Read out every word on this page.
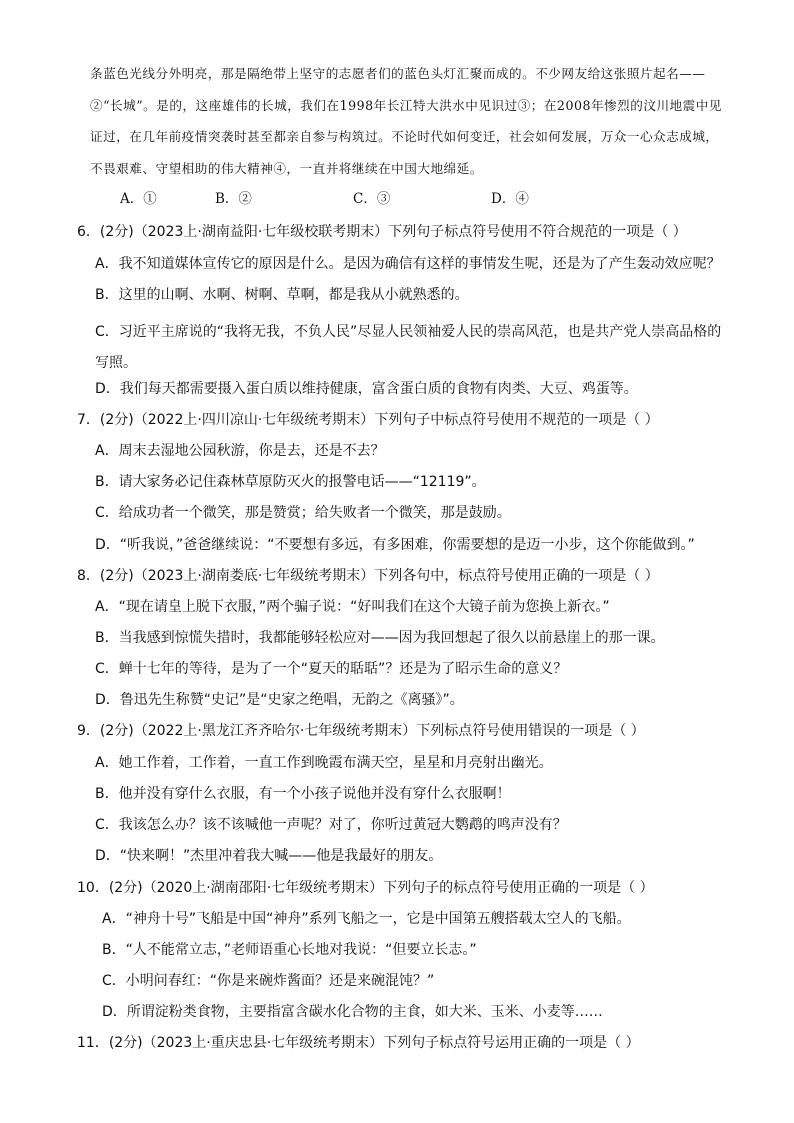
条蓝色光线分外明亮，那是隔绝带上坚守的志愿者们的蓝色头灯汇聚而成的。不少网友给这张照片起名——②“长城”。是的，这座雄伟的长城，我们在1998年长江特大洪水中见识过③；在2008年惨烈的汶川地震中见证过，在几年前疫情突袭时甚至都亲自参与构筑过。不论时代如何变迁，社会如何发展，万众一心众志成城，不畏艰难、守望相助的伟大精神④，一直并将继续在中国大地绵延。

A．①	B．②	C．③	D．④
6．(2分)（2023上·湖南益阳·七年级校联考期末）下列句子标点符号使用不符合规范的一项是（ ）
A．我不知道媒体宣传它的原因是什么。是因为确信有这样的事情发生呢，还是为了产生轰动效应呢？
B．这里的山啊、水啊、树啊、草啊，都是我从小就熟悉的。
C．习近平主席说的“我将无我，不负人民”尽显人民领袖爱人民的崇高风范，也是共产党人崇高品格的写照。
D．我们每天都需要摄入蛋白质以维持健康，富含蛋白质的食物有肉类、大豆、鸡蛋等。
7．(2分)（2022上·四川凉山·七年级统考期末）下列句子中标点符号使用不规范的一项是（ ）
A．周末去湿地公园秋游，你是去，还是不去？
B．请大家务必记住森林草原防灭火的报警电话——“12119”。
C．给成功者一个微笑，那是赞赏；给失败者一个微笑，那是鼓励。
D．“听我说，”爸爸继续说：“不要想有多远，有多困难，你需要想的是迈一小步，这个你能做到。”
8．(2分)（2023上·湖南娄底·七年级统考期末）下列各句中，标点符号使用正确的一项是（ ）
A．“现在请皇上脱下衣服，”两个骗子说：“好叫我们在这个大镜子前为您换上新衣。”
B．当我感到惊慌失措时，我都能够轻松应对——因为我回想起了很久以前悬崖上的那一课。
C．蝉十七年的等待，是为了一个“夏天的聒聒”？还是为了昭示生命的意义？
D．鲁迅先生称赞“史记”是“史家之绝唱，无韵之《离骚》”。
9．(2分)（2022上·黑龙江齐齐哈尔·七年级统考期末）下列标点符号使用错误的一项是（ ）
A．她工作着，工作着，一直工作到晚霞布满天空，星星和月亮射出幽光。
B．他并没有穿什么衣服，有一个小孩子说他并没有穿什么衣服啊！
C．我该怎么办？该不该喊他一声呢？对了，你听过黄冠大鹦鹉的鸣声没有？
D．“快来啊！”杰里冲着我大喊——他是我最好的朋友。
10．(2分)（2020上·湖南邵阳·七年级统考期末）下列句子的标点符号使用正确的一项是（ ）
A．“神舟十号”飞船是中国“神舟”系列飞船之一，它是中国第五艘搭载太空人的飞船。
B．“人不能常立志，”老师语重心长地对我说：“但要立长志。”
C．小明问春红：“你是来碗炸酱面？还是来碗混饨？”
D．所谓淀粉类食物，主要指富含碳水化合物的主食，如大米、玉米、小麦等……
11．(2分)（2023上·重庆忠县·七年级统考期末）下列句子标点符号运用正确的一项是（ ）
